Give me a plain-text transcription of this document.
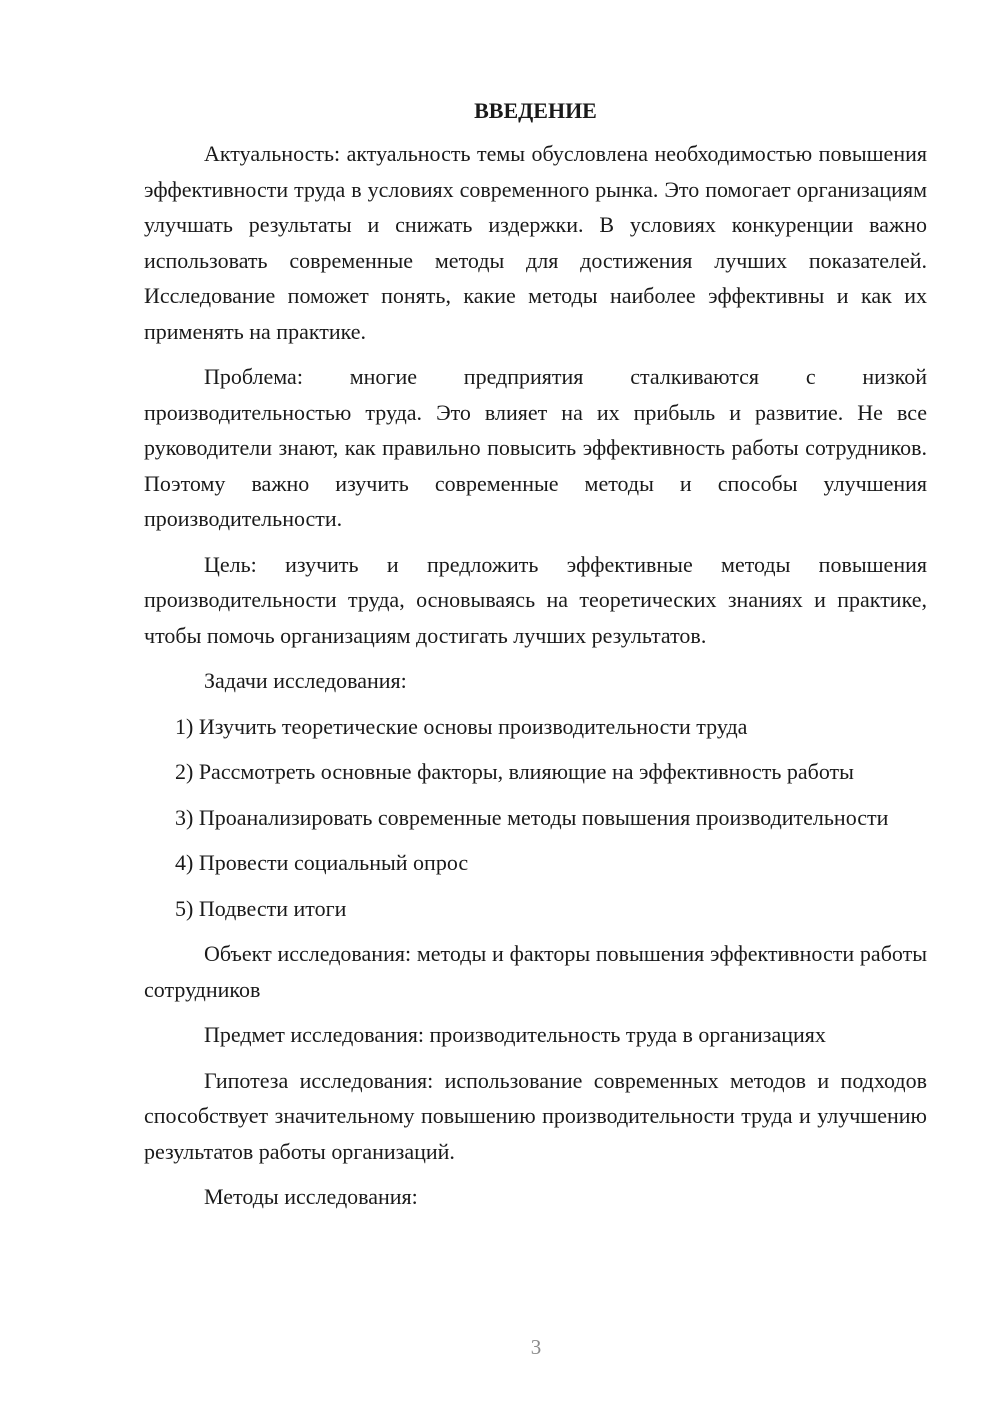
ВВЕДЕНИЕ

Актуальность: актуальность темы обусловлена необходимостью повышения эффективности труда в условиях современного рынка. Это помогает организациям улучшать результаты и снижать издержки. В условиях конкуренции важно использовать современные методы для достижения лучших показателей. Исследование поможет понять, какие методы наиболее эффективны и как их применять на практике.

Проблема: многие предприятия сталкиваются с низкой производительностью труда. Это влияет на их прибыль и развитие. Не все руководители знают, как правильно повысить эффективность работы сотрудников. Поэтому важно изучить современные методы и способы улучшения производительности.

Цель: изучить и предложить эффективные методы повышения производительности труда, основываясь на теоретических знаниях и практике, чтобы помочь организациям достигать лучших результатов.

Задачи исследования:

1) Изучить теоретические основы производительности труда

2) Рассмотреть основные факторы, влияющие на эффективность работы

3) Проанализировать современные методы повышения производительности

4) Провести социальный опрос

5) Подвести итоги

Объект исследования: методы и факторы повышения эффективности работы сотрудников

Предмет исследования: производительность труда в организациях

Гипотеза исследования: использование современных методов и подходов способствует значительному повышению производительности труда и улучшению результатов работы организаций.

Методы исследования:

3
